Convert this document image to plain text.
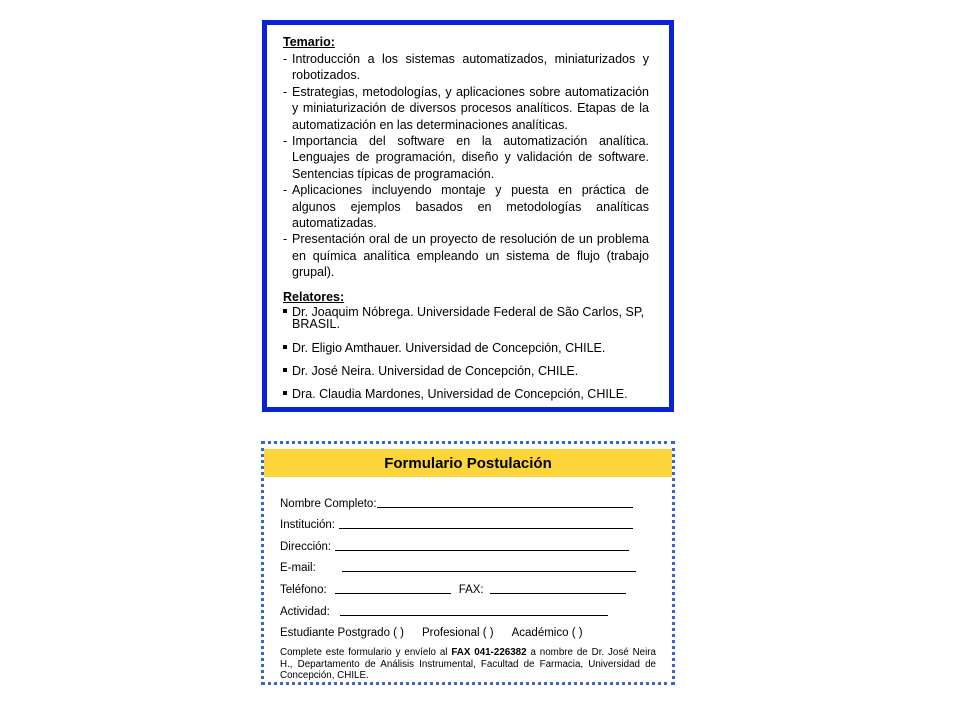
Temario:
- Introducción a los sistemas automatizados, miniaturizados y robotizados.
- Estrategias, metodologías, y aplicaciones sobre automatización y miniaturización de diversos procesos analíticos. Etapas de la automatización en las determinaciones analíticas.
- Importancia del software en la automatización analítica. Lenguajes de programación, diseño y validación de software. Sentencias típicas de programación.
- Aplicaciones incluyendo montaje y puesta en práctica de algunos ejemplos basados en metodologías analíticas automatizadas.
- Presentación oral de un proyecto de resolución de un problema en química analítica empleando un sistema de flujo (trabajo grupal).
Relatores:
Dr. Joaquim Nóbrega. Universidade Federal de São Carlos, SP, BRASIL.
Dr. Eligio Amthauer. Universidad de Concepción, CHILE.
Dr. José Neira. Universidad de Concepción, CHILE.
Dra. Claudia Mardones, Universidad de Concepción, CHILE.
Formulario Postulación
Nombre Completo:
Institución:
Dirección:
E-mail:
Teléfono:	FAX:
Actividad:
Estudiante Postgrado ( ) Profesional ( ) Académico ( )
Complete este formulario y envíelo al FAX 041-226382 a nombre de Dr. José Neira H., Departamento de Análisis Instrumental, Facultad de Farmacia, Universidad de Concepción, CHILE.
